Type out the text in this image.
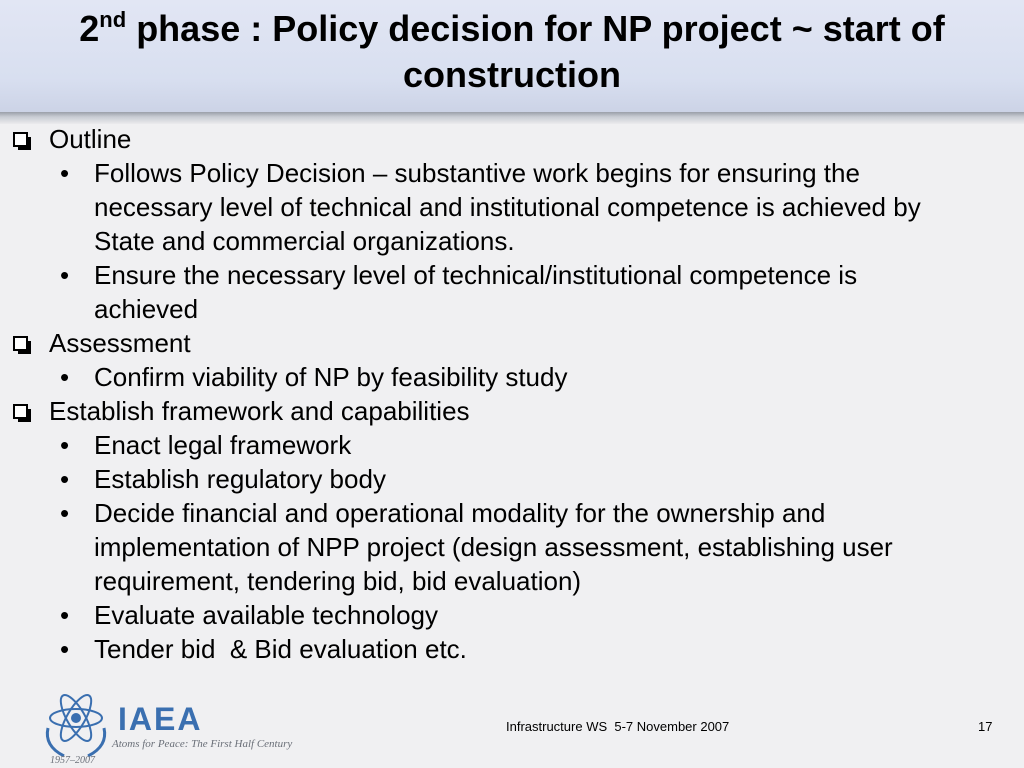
2nd phase : Policy decision for NP project ~ start of
construction
Outline
• Follows Policy Decision – substantive work begins for ensuring the
necessary level of technical and institutional competence is achieved by
State and commercial organizations.
• Ensure the necessary level of technical/institutional competence is
achieved
Assessment
• Confirm viability of NP by feasibility study
Establish framework and capabilities
• Enact legal framework
• Establish regulatory body
• Decide financial and operational modality for the ownership and
implementation of NPP project (design assessment, establishing user
requirement, tendering bid, bid evaluation)
• Evaluate available technology
• Tender bid  & Bid evaluation etc.
IAEA
Atoms for Peace: The First Half Century
1957–2007
Infrastructure WS  5-7 November 2007	17
